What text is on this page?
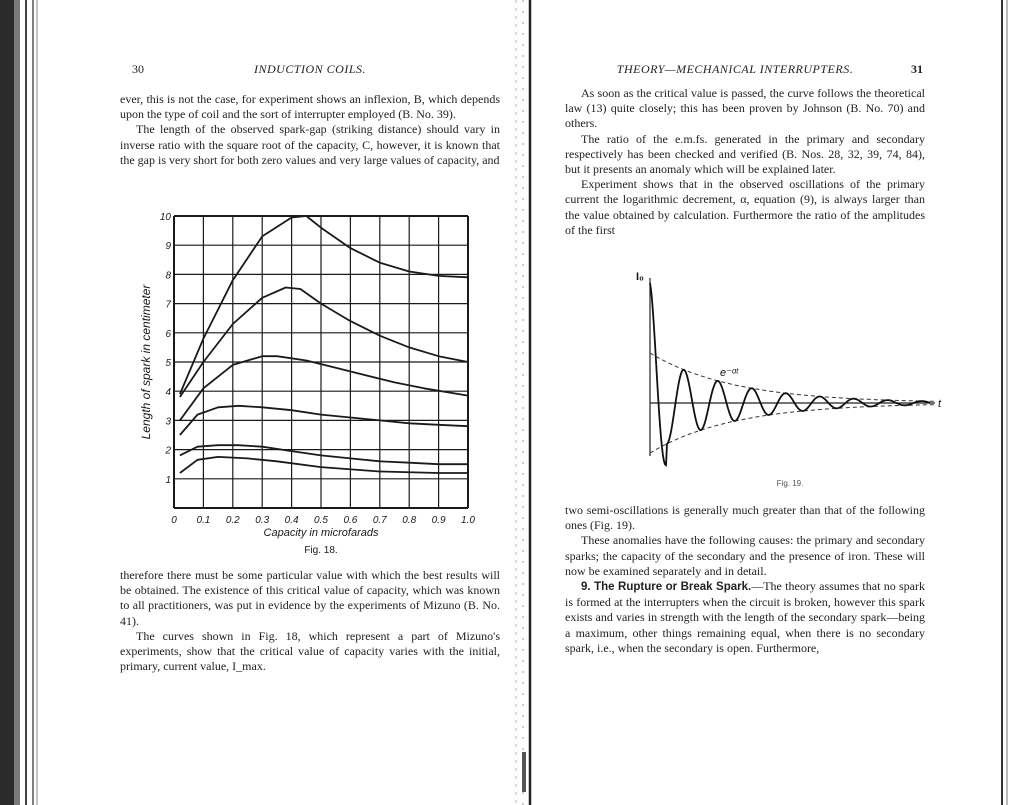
30	INDUCTION COILS.

ever, this is not the case, for experiment shows an inflexion, B, which depends upon the type of coil and the sort of interrupter employed (B. No. 39).

The length of the observed spark-gap (striking distance) should vary in inverse ratio with the square root of the capacity, C, however, it is known that the gap is very short for both zero values and very large values of capacity, and

1
2
3
4
5
6
7
8
9
10
0 0.1 0.2 0.3 0.4 0.5 0.6 0.7 0.8 0.9 1.0
Length of spark in centimeter
Capacity in microfarads
Fig. 18.

therefore there must be some particular value with which the best results will be obtained. The existence of this critical value of capacity, which was known to all practitioners, was put in evidence by the experiments of Mizuno (B. No. 41).

The curves shown in Fig. 18, which represent a part of Mizuno's experiments, show that the critical value of capacity varies with the initial, primary, current value, I_max.

THEORY—MECHANICAL INTERRUPTERS.	31

As soon as the critical value is passed, the curve follows the theoretical law (13) quite closely; this has been proven by Johnson (B. No. 70) and others.

The ratio of the e.m.fs. generated in the primary and secondary respectively has been checked and verified (B. Nos. 28, 32, 39, 74, 84), but it presents an anomaly which will be explained later.

Experiment shows that in the observed oscillations of the primary current the logarithmic decrement, α, equation (9), is always larger than the value obtained by calculation. Furthermore the ratio of the amplitudes of the first

I₀
e⁻ᵅᵗ
t
Fig. 19.

two semi-oscillations is generally much greater than that of the following ones (Fig. 19).

These anomalies have the following causes: the primary and secondary sparks; the capacity of the secondary and the presence of iron. These will now be examined separately and in detail.

9. The Rupture or Break Spark.—The theory assumes that no spark is formed at the interrupters when the circuit is broken, however this spark exists and varies in strength with the length of the secondary spark—being a maximum, other things remaining equal, when there is no secondary spark, i.e., when the secondary is open. Furthermore,
